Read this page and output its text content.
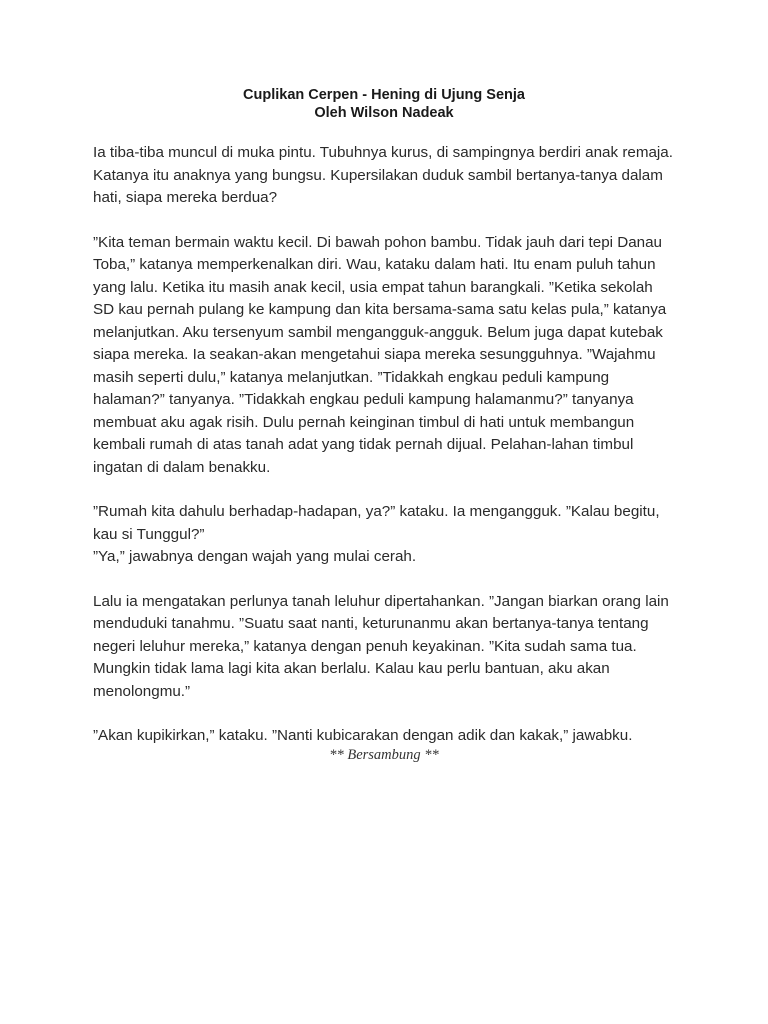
Cuplikan Cerpen - Hening di Ujung Senja
Oleh Wilson Nadeak

Ia tiba-tiba muncul di muka pintu. Tubuhnya kurus, di sampingnya berdiri anak remaja. Katanya itu anaknya yang bungsu. Kupersilakan duduk sambil bertanya-tanya dalam hati, siapa mereka berdua?

”Kita teman bermain waktu kecil. Di bawah pohon bambu. Tidak jauh dari tepi Danau Toba,” katanya memperkenalkan diri. Wau, kataku dalam hati. Itu enam puluh tahun yang lalu. Ketika itu masih anak kecil, usia empat tahun barangkali. ”Ketika sekolah SD kau pernah pulang ke kampung dan kita bersama-sama satu kelas pula,” katanya melanjutkan. Aku tersenyum sambil mengangguk-angguk. Belum juga dapat kutebak siapa mereka. Ia seakan-akan mengetahui siapa mereka sesungguhnya. ”Wajahmu masih seperti dulu,” katanya melanjutkan. ”Tidakkah engkau peduli kampung halaman?” tanyanya. ”Tidakkah engkau peduli kampung halamanmu?” tanyanya membuat aku agak risih. Dulu pernah keinginan timbul di hati untuk membangun kembali rumah di atas tanah adat yang tidak pernah dijual. Pelahan-lahan timbul ingatan di dalam benakku.

”Rumah kita dahulu berhadap-hadapan, ya?” kataku. Ia mengangguk. ”Kalau begitu, kau si Tunggul?”

”Ya,” jawabnya dengan wajah yang mulai cerah.

Lalu ia mengatakan perlunya tanah leluhur dipertahankan. ”Jangan biarkan orang lain menduduki tanahmu. ”Suatu saat nanti, keturunanmu akan bertanya-tanya tentang negeri leluhur mereka,” katanya dengan penuh keyakinan. ”Kita sudah sama tua. Mungkin tidak lama lagi kita akan berlalu. Kalau kau perlu bantuan, aku akan menolongmu.”

”Akan kupikirkan,” kataku. ”Nanti kubicarakan dengan adik dan kakak,” jawabku.

** Bersambung **
